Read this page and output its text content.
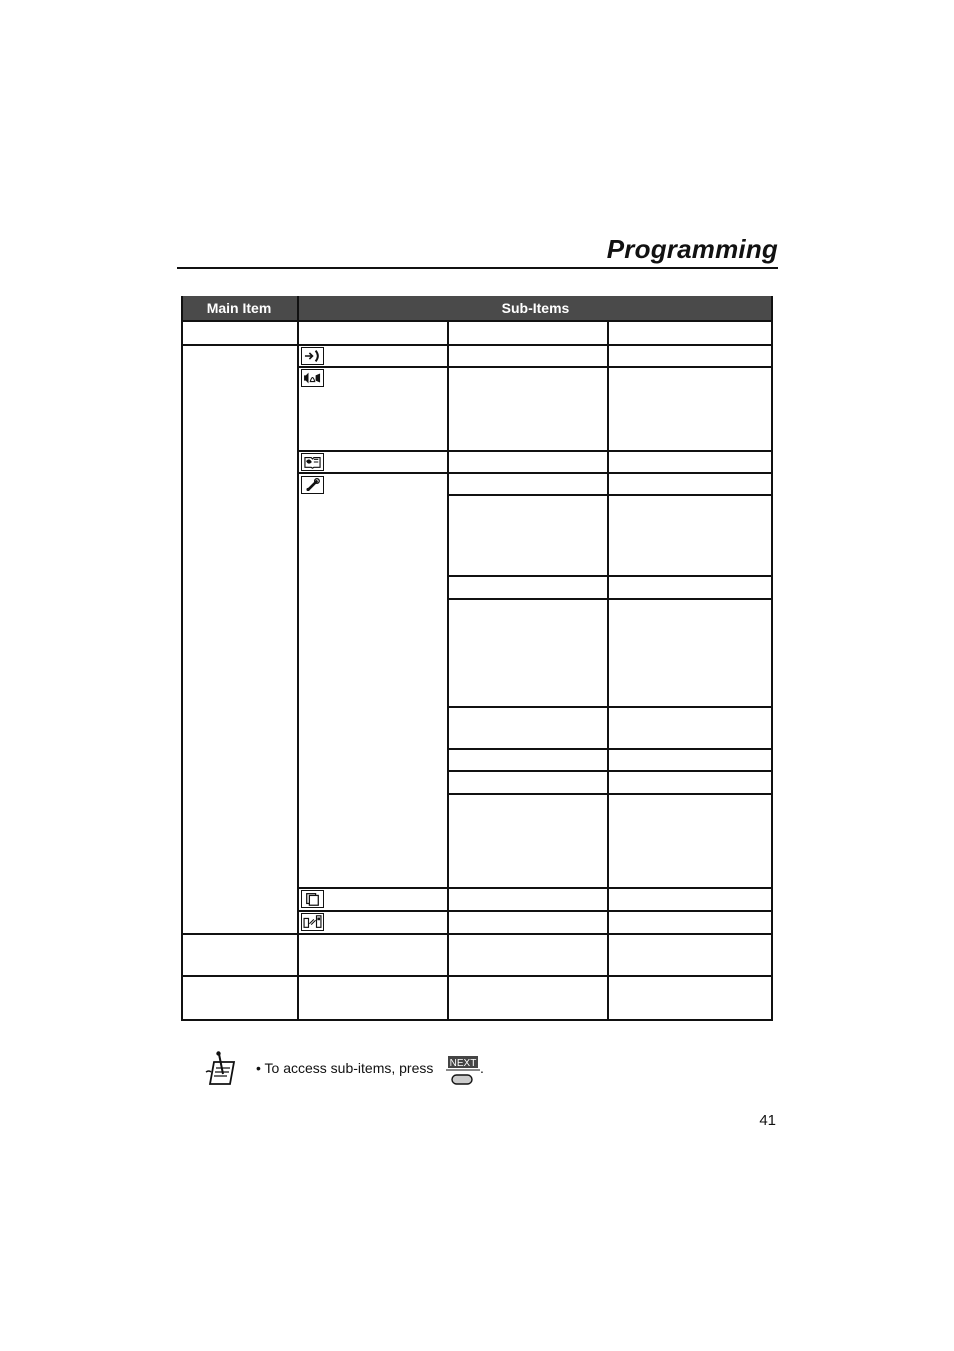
Programming
Main Item	Sub-Items
• To access sub-items, press NEXT .
41
